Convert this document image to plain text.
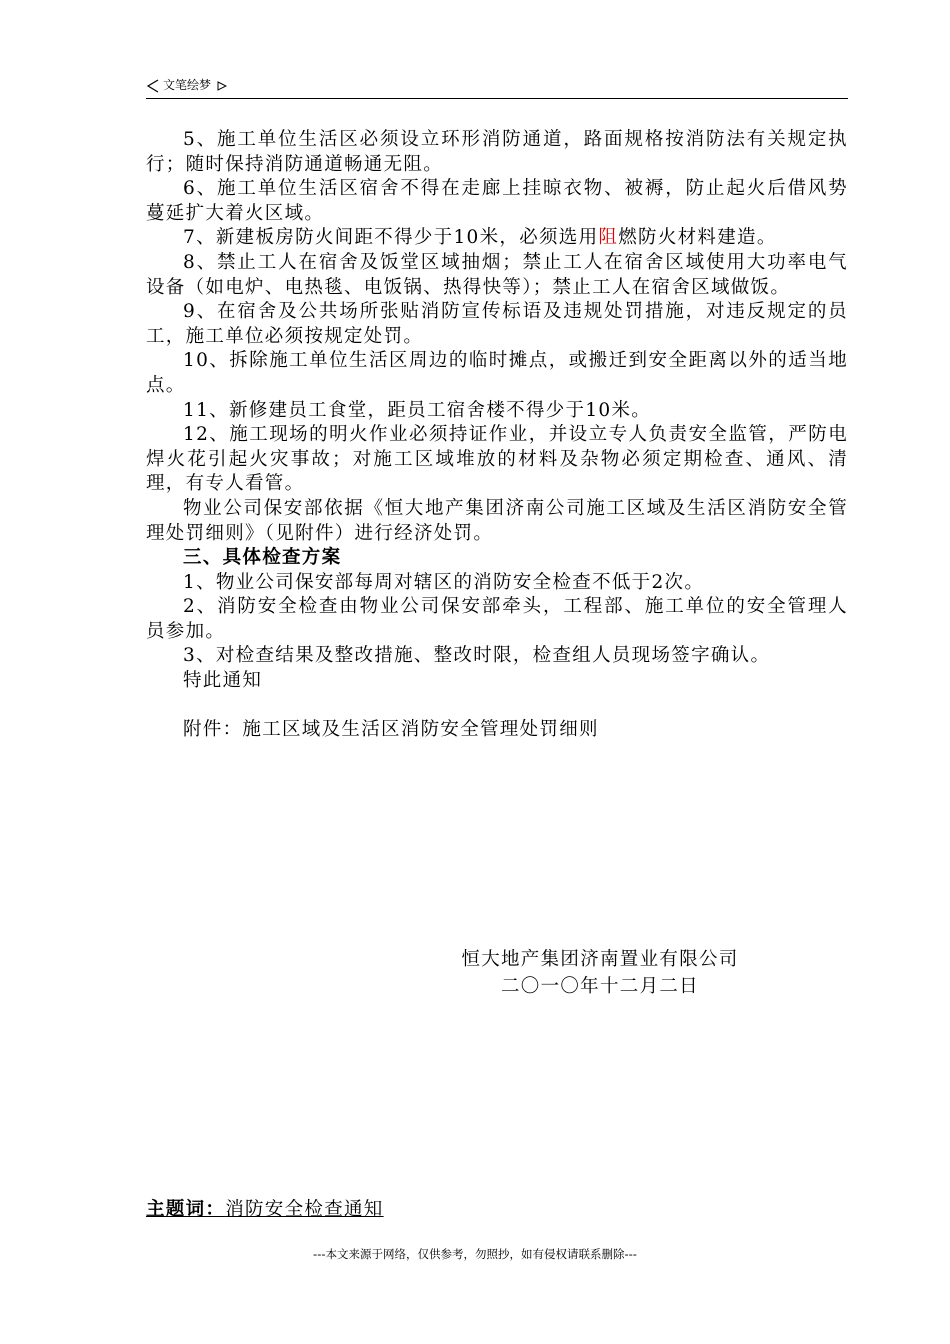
文笔绘梦

5、施工单位生活区必须设立环形消防通道，路面规格按消防法有关规定执行；随时保持消防通道畅通无阻。

6、施工单位生活区宿舍不得在走廊上挂晾衣物、被褥，防止起火后借风势蔓延扩大着火区域。

7、新建板房防火间距不得少于10米，必须选用阻燃防火材料建造。

8、禁止工人在宿舍及饭堂区域抽烟；禁止工人在宿舍区域使用大功率电气设备（如电炉、电热毯、电饭锅、热得快等）；禁止工人在宿舍区域做饭。

9、在宿舍及公共场所张贴消防宣传标语及违规处罚措施，对违反规定的员工，施工单位必须按规定处罚。

10、拆除施工单位生活区周边的临时摊点，或搬迁到安全距离以外的适当地点。

11、新修建员工食堂，距员工宿舍楼不得少于10米。

12、施工现场的明火作业必须持证作业，并设立专人负责安全监管，严防电焊火花引起火灾事故；对施工区域堆放的材料及杂物必须定期检查、通风、清理，有专人看管。

物业公司保安部依据《恒大地产集团济南公司施工区域及生活区消防安全管理处罚细则》（见附件）进行经济处罚。

三、具体检查方案

1、物业公司保安部每周对辖区的消防安全检查不低于2次。

2、消防安全检查由物业公司保安部牵头，工程部、施工单位的安全管理人员参加。

3、对检查结果及整改措施、整改时限，检查组人员现场签字确认。

特此通知

附件：施工区域及生活区消防安全管理处罚细则

恒大地产集团济南置业有限公司
二〇一〇年十二月二日
主题词：消防安全检查通知
---本文来源于网络，仅供参考，勿照抄，如有侵权请联系删除---
